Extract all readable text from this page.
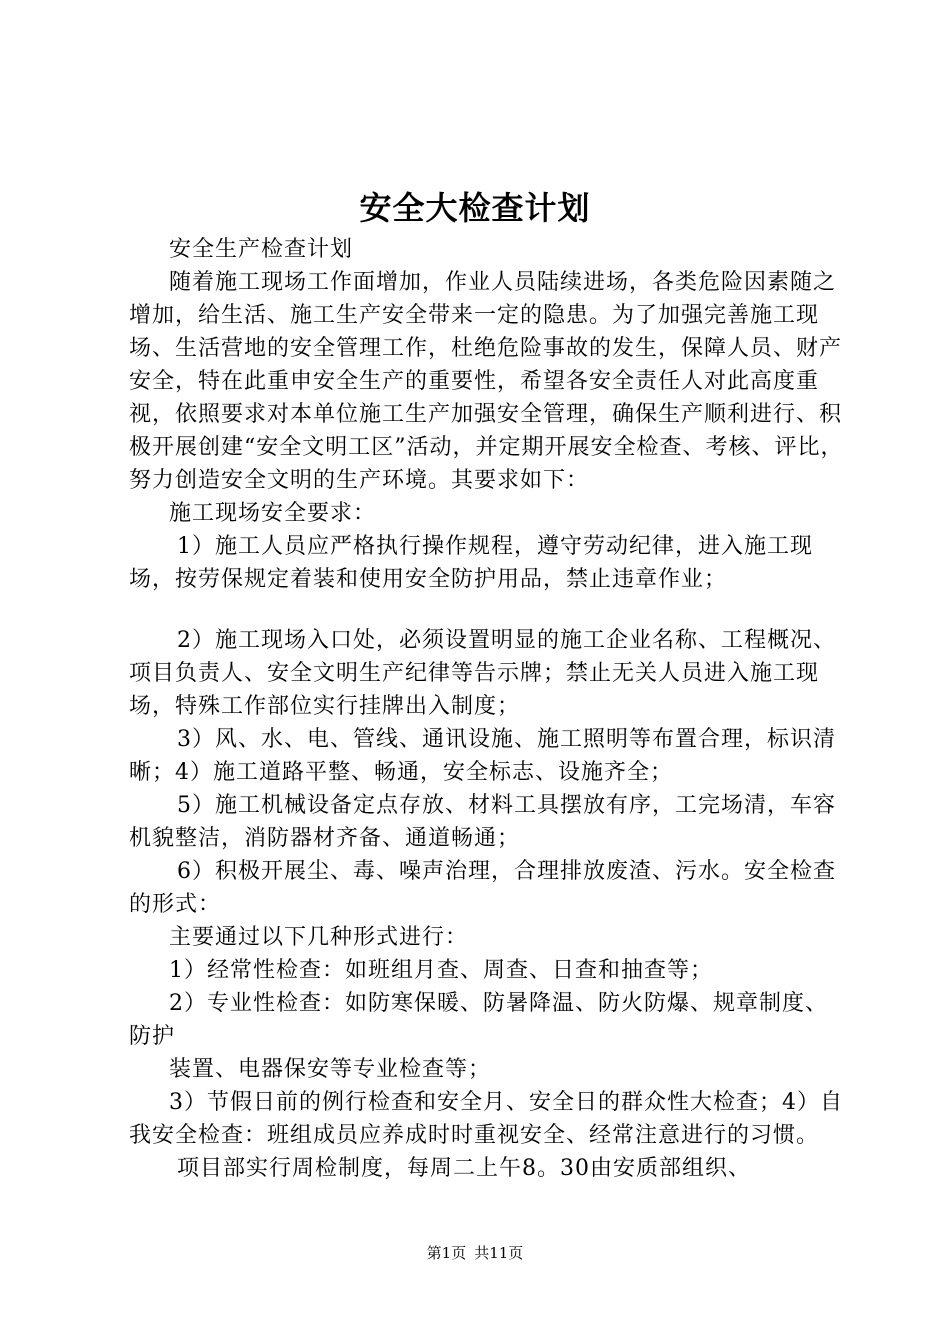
安全大检查计划

安全生产检查计划

随着施工现场工作面增加，作业人员陆续进场，各类危险因素随之增加，给生活、施工生产安全带来一定的隐患。为了加强完善施工现场、生活营地的安全管理工作，杜绝危险事故的发生，保障人员、财产安全，特在此重申安全生产的重要性，希望各安全责任人对此高度重视，依照要求对本单位施工生产加强安全管理，确保生产顺利进行、积极开展创建“安全文明工区”活动，并定期开展安全检查、考核、评比，努力创造安全文明的生产环境。其要求如下：

施工现场安全要求：

1）施工人员应严格执行操作规程，遵守劳动纪律，进入施工现场，按劳保规定着装和使用安全防护用品，禁止违章作业；

2）施工现场入口处，必须设置明显的施工企业名称、工程概况、项目负责人、安全文明生产纪律等告示牌；禁止无关人员进入施工现场，特殊工作部位实行挂牌出入制度；

3）风、水、电、管线、通讯设施、施工照明等布置合理，标识清晰；4）施工道路平整、畅通，安全标志、设施齐全；

5）施工机械设备定点存放、材料工具摆放有序，工完场清，车容机貌整洁，消防器材齐备、通道畅通；

6）积极开展尘、毒、噪声治理，合理排放废渣、污水。安全检查的形式：

主要通过以下几种形式进行：

1）经常性检查：如班组月查、周查、日查和抽查等；

2）专业性检查：如防寒保暖、防暑降温、防火防爆、规章制度、防护

装置、电器保安等专业检查等；

3）节假日前的例行检查和安全月、安全日的群众性大检查；4）自我安全检查：班组成员应养成时时重视安全、经常注意进行的习惯。

项目部实行周检制度，每周二上午8。30由安质部组织、

第1页 共11页
